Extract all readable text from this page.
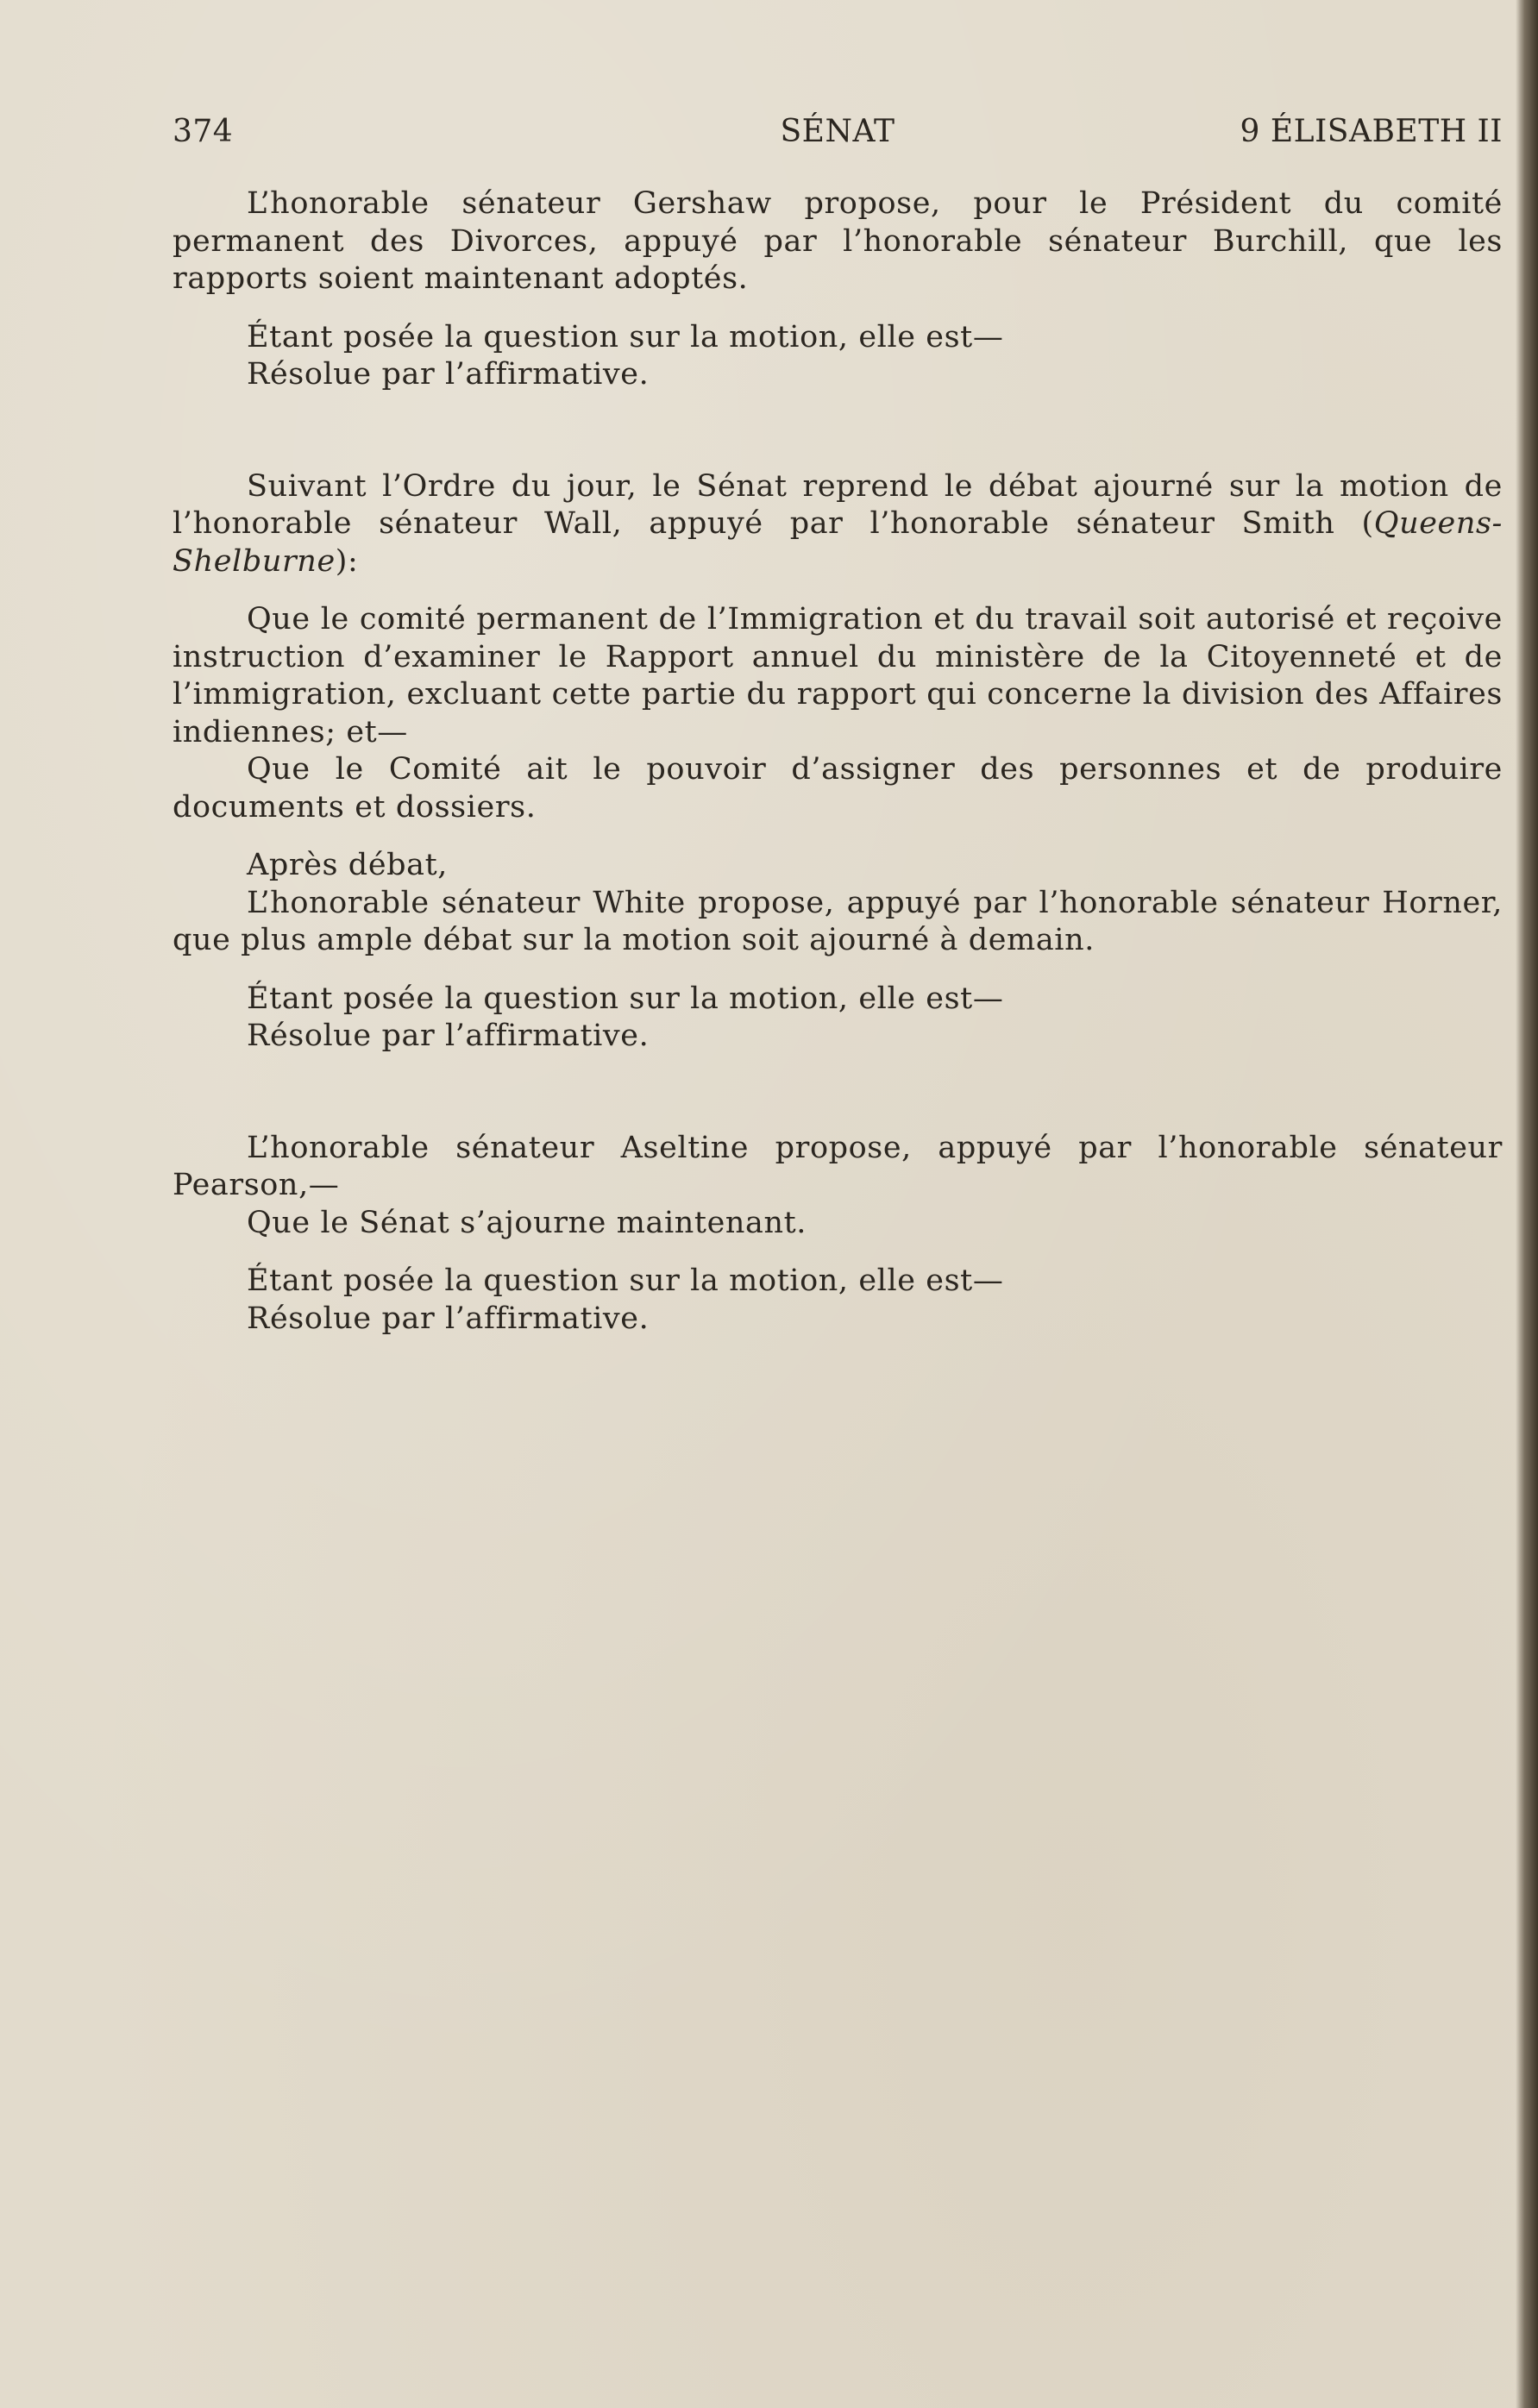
SÉNAT
374	9 ÉLISABETH II

L’honorable sénateur Gershaw propose, pour le Président du comité permanent des Divorces, appuyé par l’honorable sénateur Burchill, que les rapports soient maintenant adoptés.

Étant posée la question sur la motion, elle est—

Résolue par l’affirmative.

Suivant l’Ordre du jour, le Sénat reprend le débat ajourné sur la motion de l’honorable sénateur Wall, appuyé par l’honorable sénateur Smith (Queens-Shelburne):

Que le comité permanent de l’Immigration et du travail soit autorisé et reçoive instruction d’examiner le Rapport annuel du ministère de la Citoyenneté et de l’immigration, excluant cette partie du rapport qui concerne la division des Affaires indiennes; et—

Que le Comité ait le pouvoir d’assigner des personnes et de produire documents et dossiers.

Après débat,

L’honorable sénateur White propose, appuyé par l’honorable sénateur Horner, que plus ample débat sur la motion soit ajourné à demain.

Étant posée la question sur la motion, elle est—

Résolue par l’affirmative.

L’honorable sénateur Aseltine propose, appuyé par l’honorable sénateur Pearson,—

Que le Sénat s’ajourne maintenant.

Étant posée la question sur la motion, elle est—

Résolue par l’affirmative.
